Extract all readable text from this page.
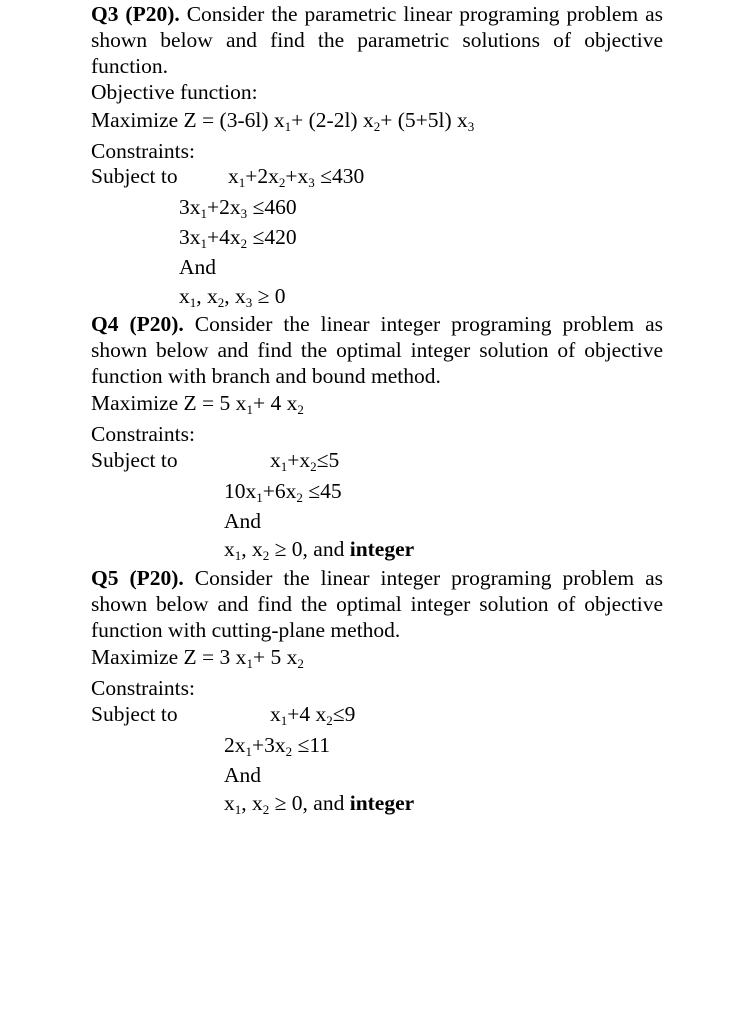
Q3 (P20). Consider the parametric linear programing problem as shown below and find the parametric solutions of objective function.

Objective function:

Maximize Z = (3-6l) $x_1+ (2-2l)$ $x_2+ (5+5l)$ $x_3$

Constraints:

Subject to $x_1+2x_2+x_3 \le 430$

$3x_1+2x_3 \le 460$

$3x_1+4x_2 \le 420$

And

$x_1$, $x_2$, $x_3 \ge 0$

Q4 (P20). Consider the linear integer programing problem as shown below and find the optimal integer solution of objective function with branch and bound method.

Maximize Z = 5 $x_1+ 4$ $x_2$

Constraints:

Subject to	$x_1+x_2\le 5$

$10x_1+6x_2 \le 45$

And

$x_1$, $x_2 \ge 0$, and integer

Q5 (P20). Consider the linear integer programing problem as shown below and find the optimal integer solution of objective function with cutting-plane method.

Maximize Z = 3 $x_1+ 5$ $x_2$

Constraints:

Subject to	$x_1+4$ $x_2\le 9$

$2x_1+3x_2 \le 11$

And

$x_1$, $x_2 \ge 0$, and integer
